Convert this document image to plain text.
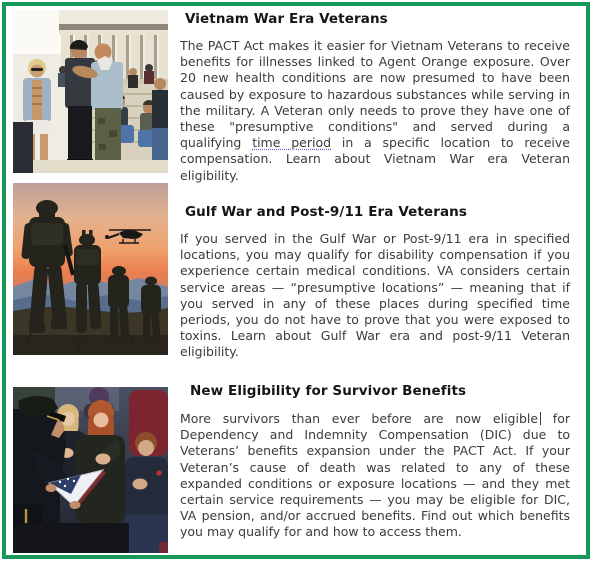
Vietnam War Era Veterans

The PACT Act makes it easier for Vietnam Veterans to receive benefits for illnesses linked to Agent Orange exposure. Over 20 new health conditions are now presumed to have been caused by exposure to hazardous substances while serving in the military. A Veteran only needs to prove they have one of these "presumptive conditions" and served during a qualifying time period in a specific location to receive compensation. Learn about Vietnam War era Veteran eligibility.

Gulf War and Post-9/11 Era Veterans

If you served in the Gulf War or Post-9/11 era in specified locations, you may qualify for disability compensation if you experience certain medical conditions. VA considers certain service areas — “presumptive locations” — meaning that if you served in any of these places during specified time periods, you do not have to prove that you were exposed to toxins. Learn about Gulf War era and post-9/11 Veteran eligibility.

New Eligibility for Survivor Benefits

More survivors than ever before are now eligible for Dependency and Indemnity Compensation (DIC) due to Veterans’ benefits expansion under the PACT Act. If your Veteran’s cause of death was related to any of these expanded conditions or exposure locations — and they met certain service requirements — you may be eligible for DIC, VA pension, and/or accrued benefits. Find out which benefits you may qualify for and how to access them.
